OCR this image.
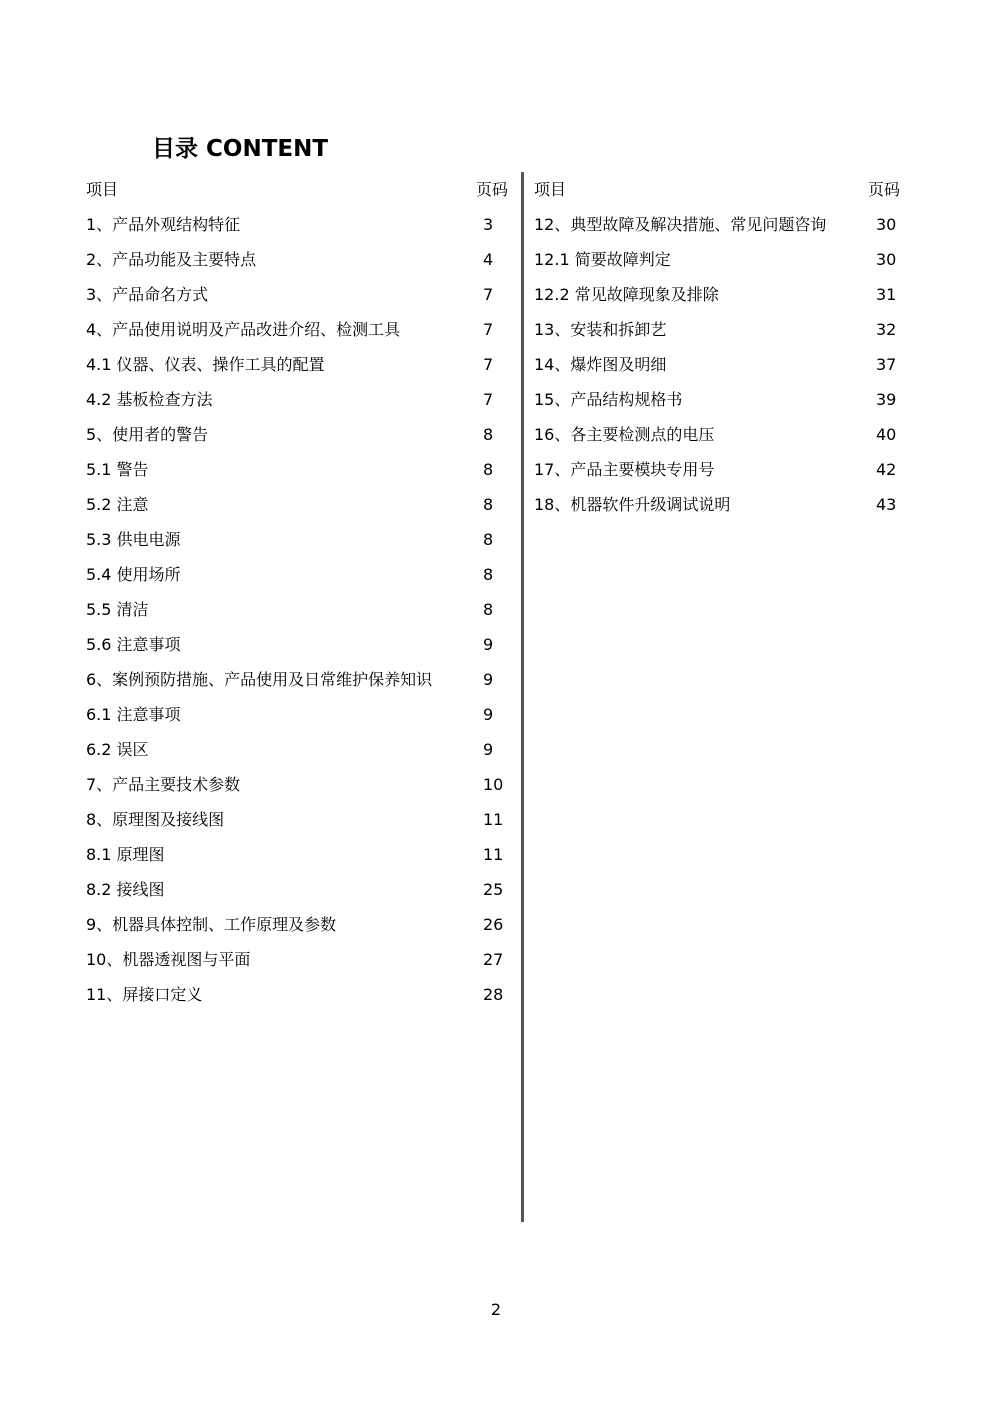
目录 CONTENT
项目	页码
1、产品外观结构特征	3
2、产品功能及主要特点	4
3、产品命名方式	7
4、产品使用说明及产品改进介绍、检测工具	7
4.1 仪器、仪表、操作工具的配置	7
4.2 基板检查方法	7
5、使用者的警告	8
5.1 警告	8
5.2 注意	8
5.3 供电电源	8
5.4 使用场所	8
5.5 清洁	8
5.6 注意事项	9
6、案例预防措施、产品使用及日常维护保养知识	9
6.1 注意事项	9
6.2 误区	9
7、产品主要技术参数	10
8、原理图及接线图	11
8.1 原理图	11
8.2 接线图	25
9、机器具体控制、工作原理及参数	26
10、机器透视图与平面	27
11、屏接口定义	28
项目	页码
12、典型故障及解决措施、常见问题咨询	30
12.1 简要故障判定	30
12.2 常见故障现象及排除	31
13、安装和拆卸艺	32
14、爆炸图及明细	37
15、产品结构规格书	39
16、各主要检测点的电压	40
17、产品主要模块专用号	42
18、机器软件升级调试说明	43
2
